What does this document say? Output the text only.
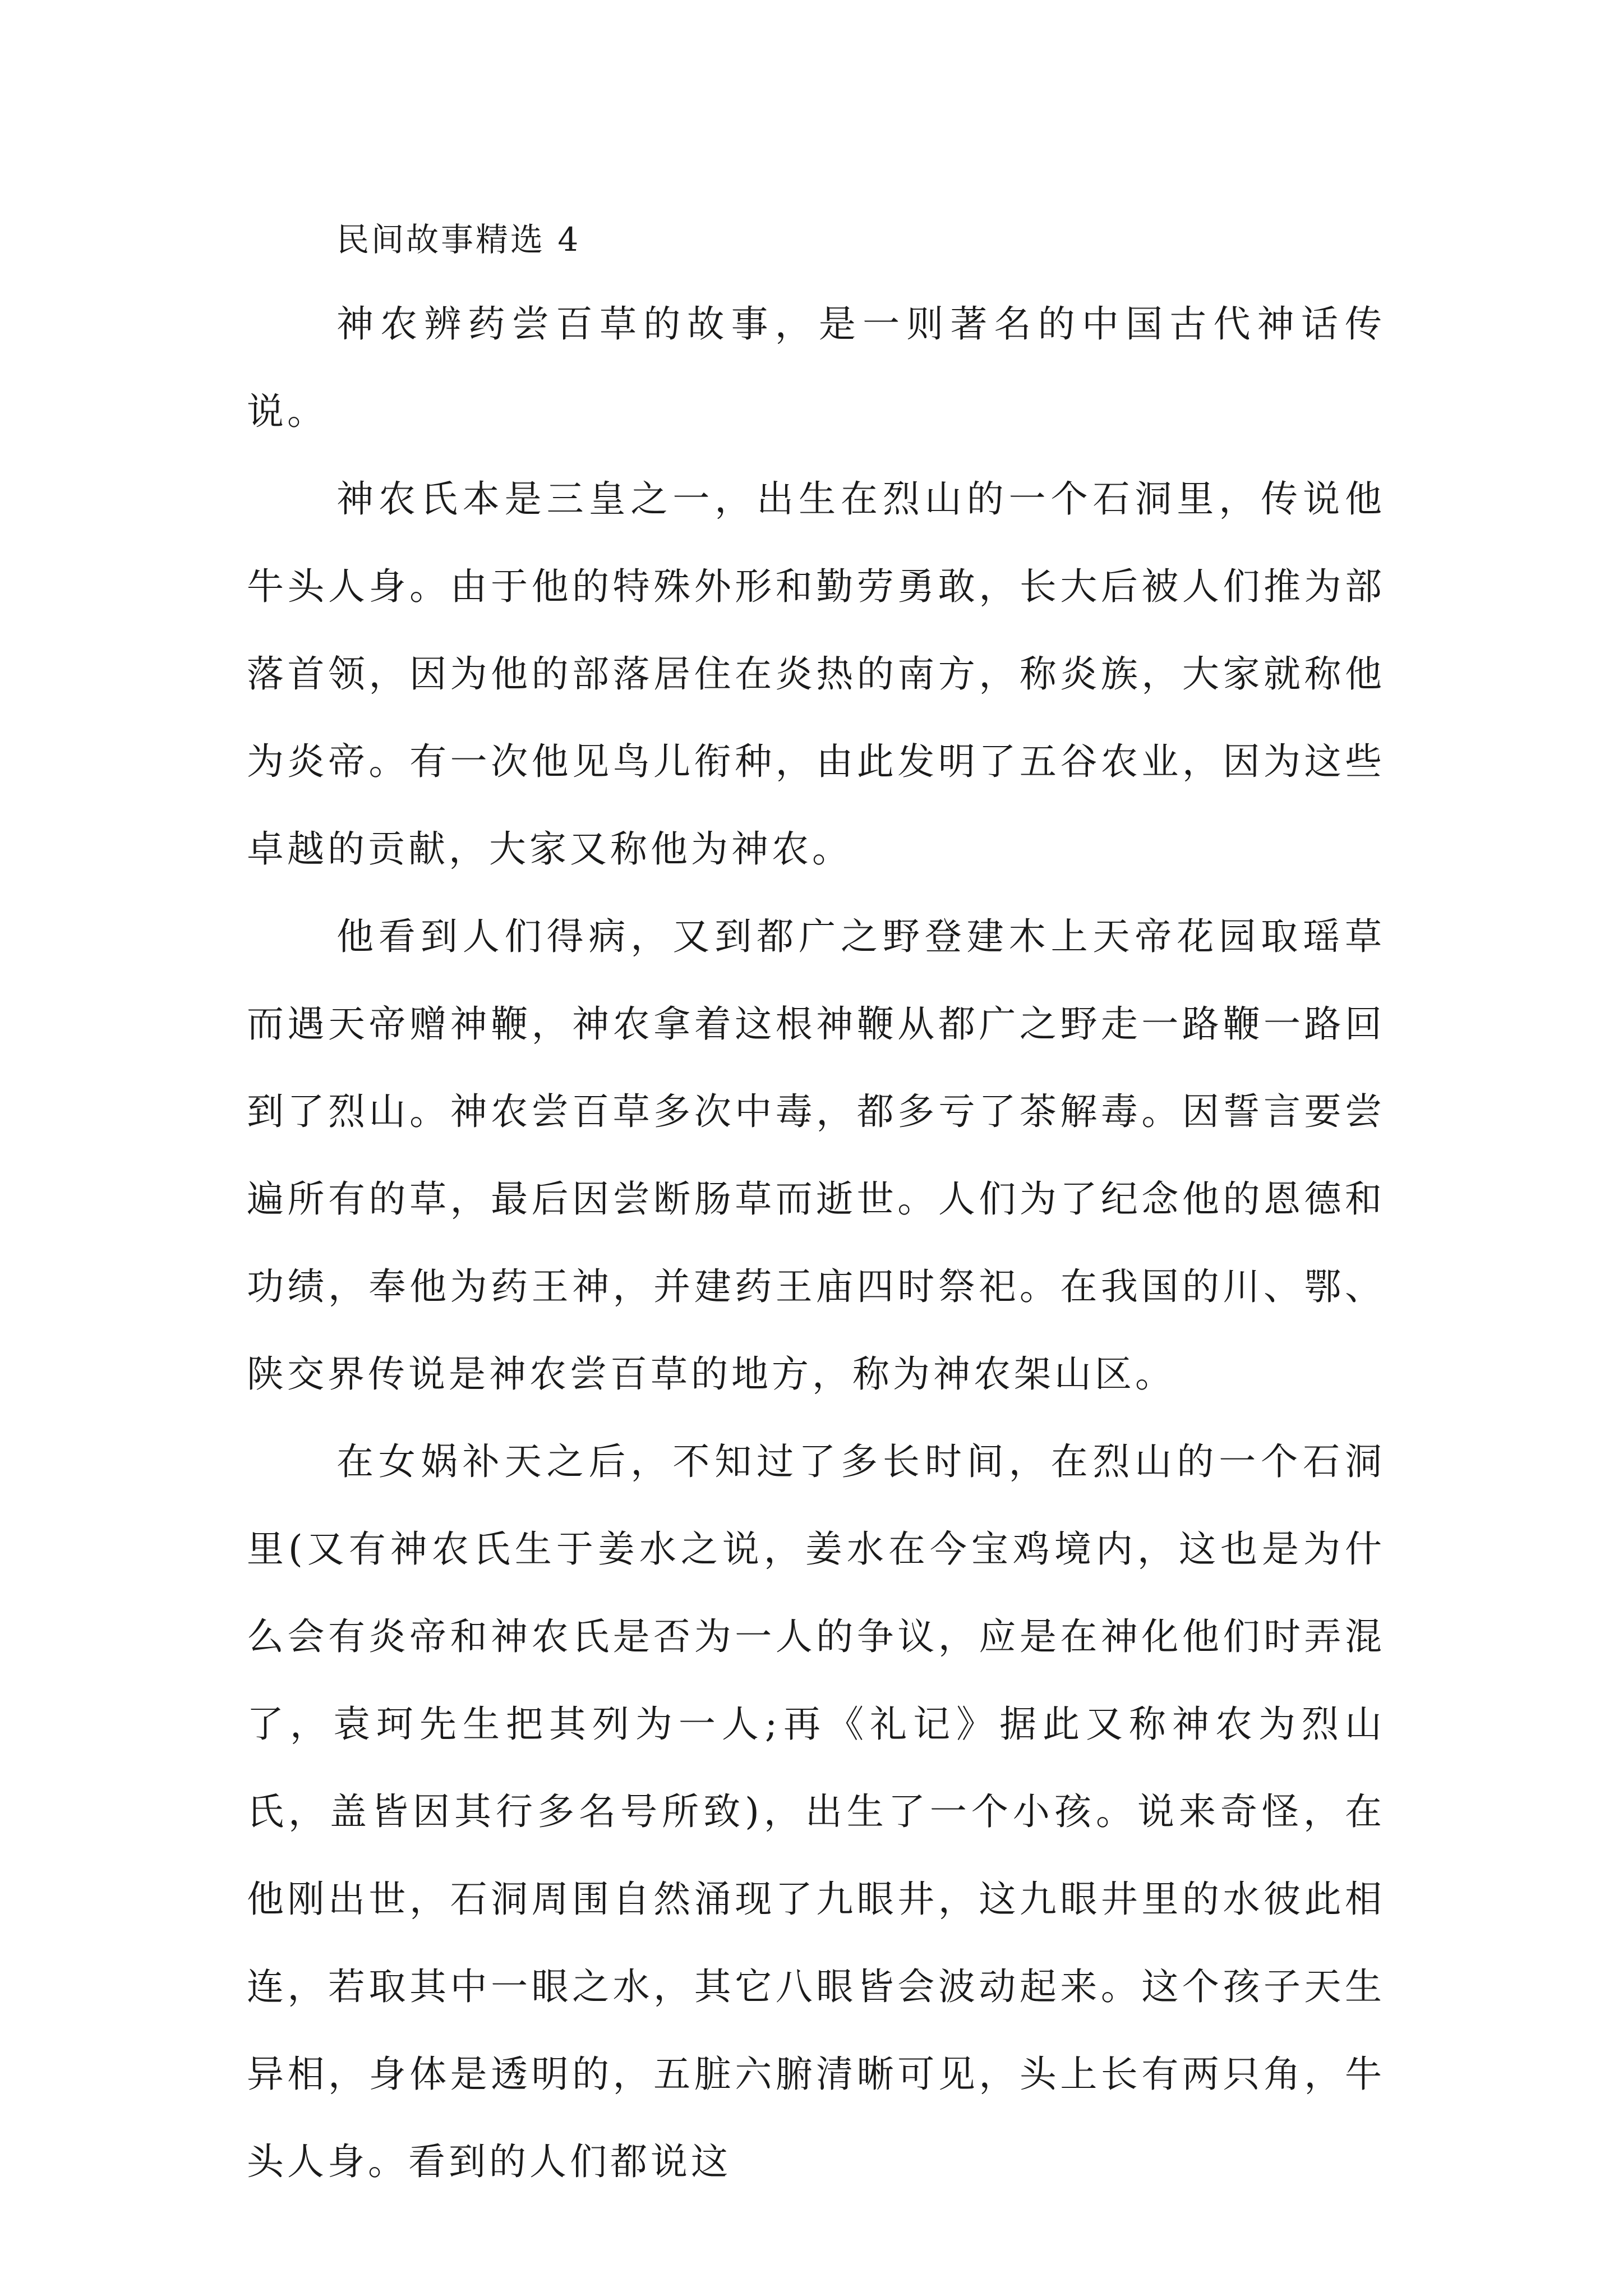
民间故事精选 4

神农辨药尝百草的故事，是一则著名的中国古代神话传说。

神农氏本是三皇之一，出生在烈山的一个石洞里，传说他牛头人身。由于他的特殊外形和勤劳勇敢，长大后被人们推为部落首领，因为他的部落居住在炎热的南方，称炎族，大家就称他为炎帝。有一次他见鸟儿衔种，由此发明了五谷农业，因为这些卓越的贡献，大家又称他为神农。

他看到人们得病，又到都广之野登建木上天帝花园取瑶草而遇天帝赠神鞭，神农拿着这根神鞭从都广之野走一路鞭一路回到了烈山。神农尝百草多次中毒，都多亏了茶解毒。因誓言要尝遍所有的草，最后因尝断肠草而逝世。人们为了纪念他的恩德和功绩，奉他为药王神，并建药王庙四时祭祀。在我国的川、鄂、陕交界传说是神农尝百草的地方，称为神农架山区。

在女娲补天之后，不知过了多长时间，在烈山的一个石洞里(又有神农氏生于姜水之说，姜水在今宝鸡境内，这也是为什么会有炎帝和神农氏是否为一人的争议，应是在神化他们时弄混了，袁珂先生把其列为一人;再《礼记》据此又称神农为烈山氏，盖皆因其行多名号所致)，出生了一个小孩。说来奇怪，在他刚出世，石洞周围自然涌现了九眼井，这九眼井里的水彼此相连，若取其中一眼之水，其它八眼皆会波动起来。这个孩子天生异相，身体是透明的，五脏六腑清晰可见，头上长有两只角，牛头人身。看到的人们都说这
